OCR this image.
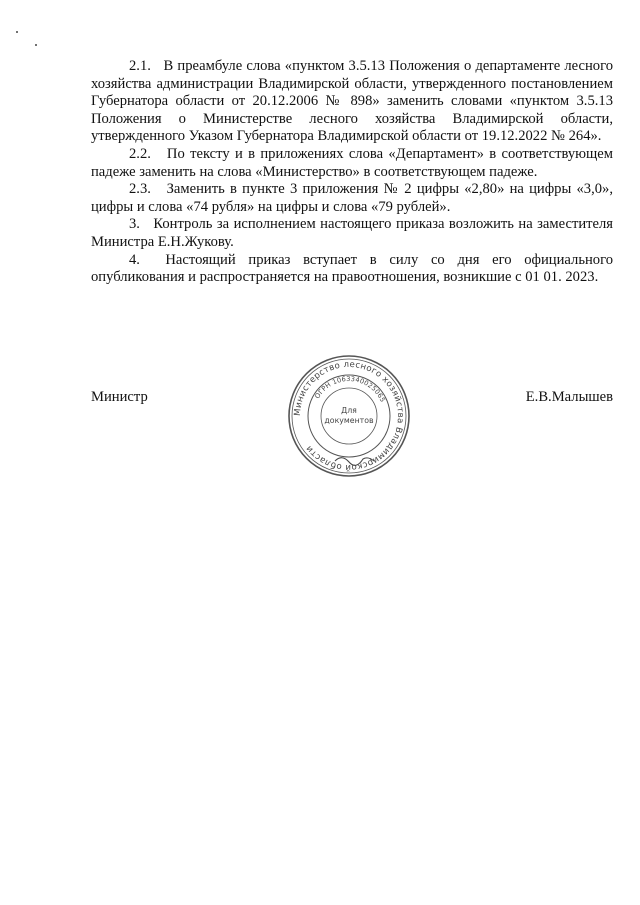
2.1.   В преамбуле слова «пунктом 3.5.13 Положения о департаменте лесного хозяйства администрации Владимирской области, утвержденного постановлением Губернатора области от 20.12.2006 № 898» заменить словами «пунктом 3.5.13 Положения о Министерстве лесного хозяйства Владимирской области, утвержденного Указом Губернатора Владимирской области от 19.12.2022 № 264».

2.2.   По тексту и в приложениях слова «Департамент» в соответствующем падеже заменить на слова «Министерство» в соответствующем падеже.

2.3.   Заменить в пункте 3 приложения № 2 цифры «2,80» на цифры «3,0», цифры и слова «74 рубля» на цифры и слова «79 рублей».

3.   Контроль за исполнением настоящего приказа возложить на заместителя Министра Е.Н.Жукову.

4.  Настоящий приказ вступает в силу со дня его официального опубликования и распространяется на правоотношения, возникшие с 01 01. 2023.

Министр	Е.В.Малышев
Министерство лесного хозяйства Владимирской области
ОГРН 1063340025065
Для
документов
